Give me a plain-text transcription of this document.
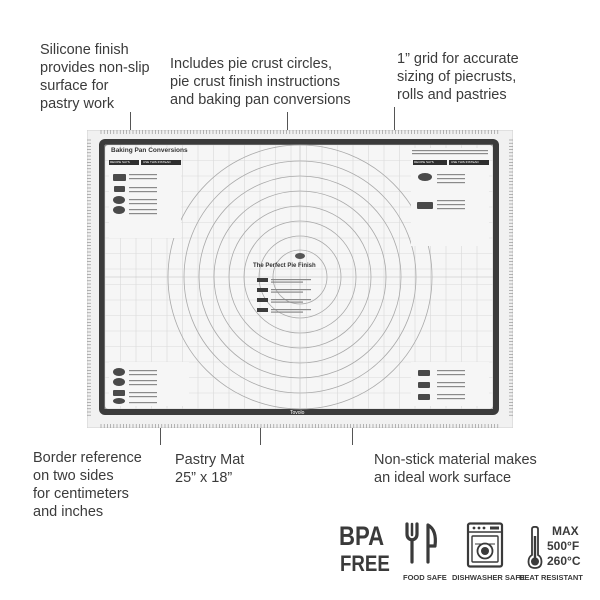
Silicone finish
provides non-slip
surface for
pastry work
Includes pie crust circles,
pie crust finish instructions
and baking pan conversions
1” grid for accurate
sizing of piecrusts,
rolls and pastries
Border reference
on two sides
for centimeters
and inches
Pastry Mat
25” x 18”
Non-stick material makes
an ideal work surface
Baking Pan Conversions
RECIPE SAYS	USE THIS INSTEAD	RECIPE SAYS	USE THIS INSTEAD
The Perfect Pie Finish
Tovolo
BPA
FREE
FOOD SAFE DISHWASHER SAFE
MAX
500°F
260°C
HEAT RESISTANT
